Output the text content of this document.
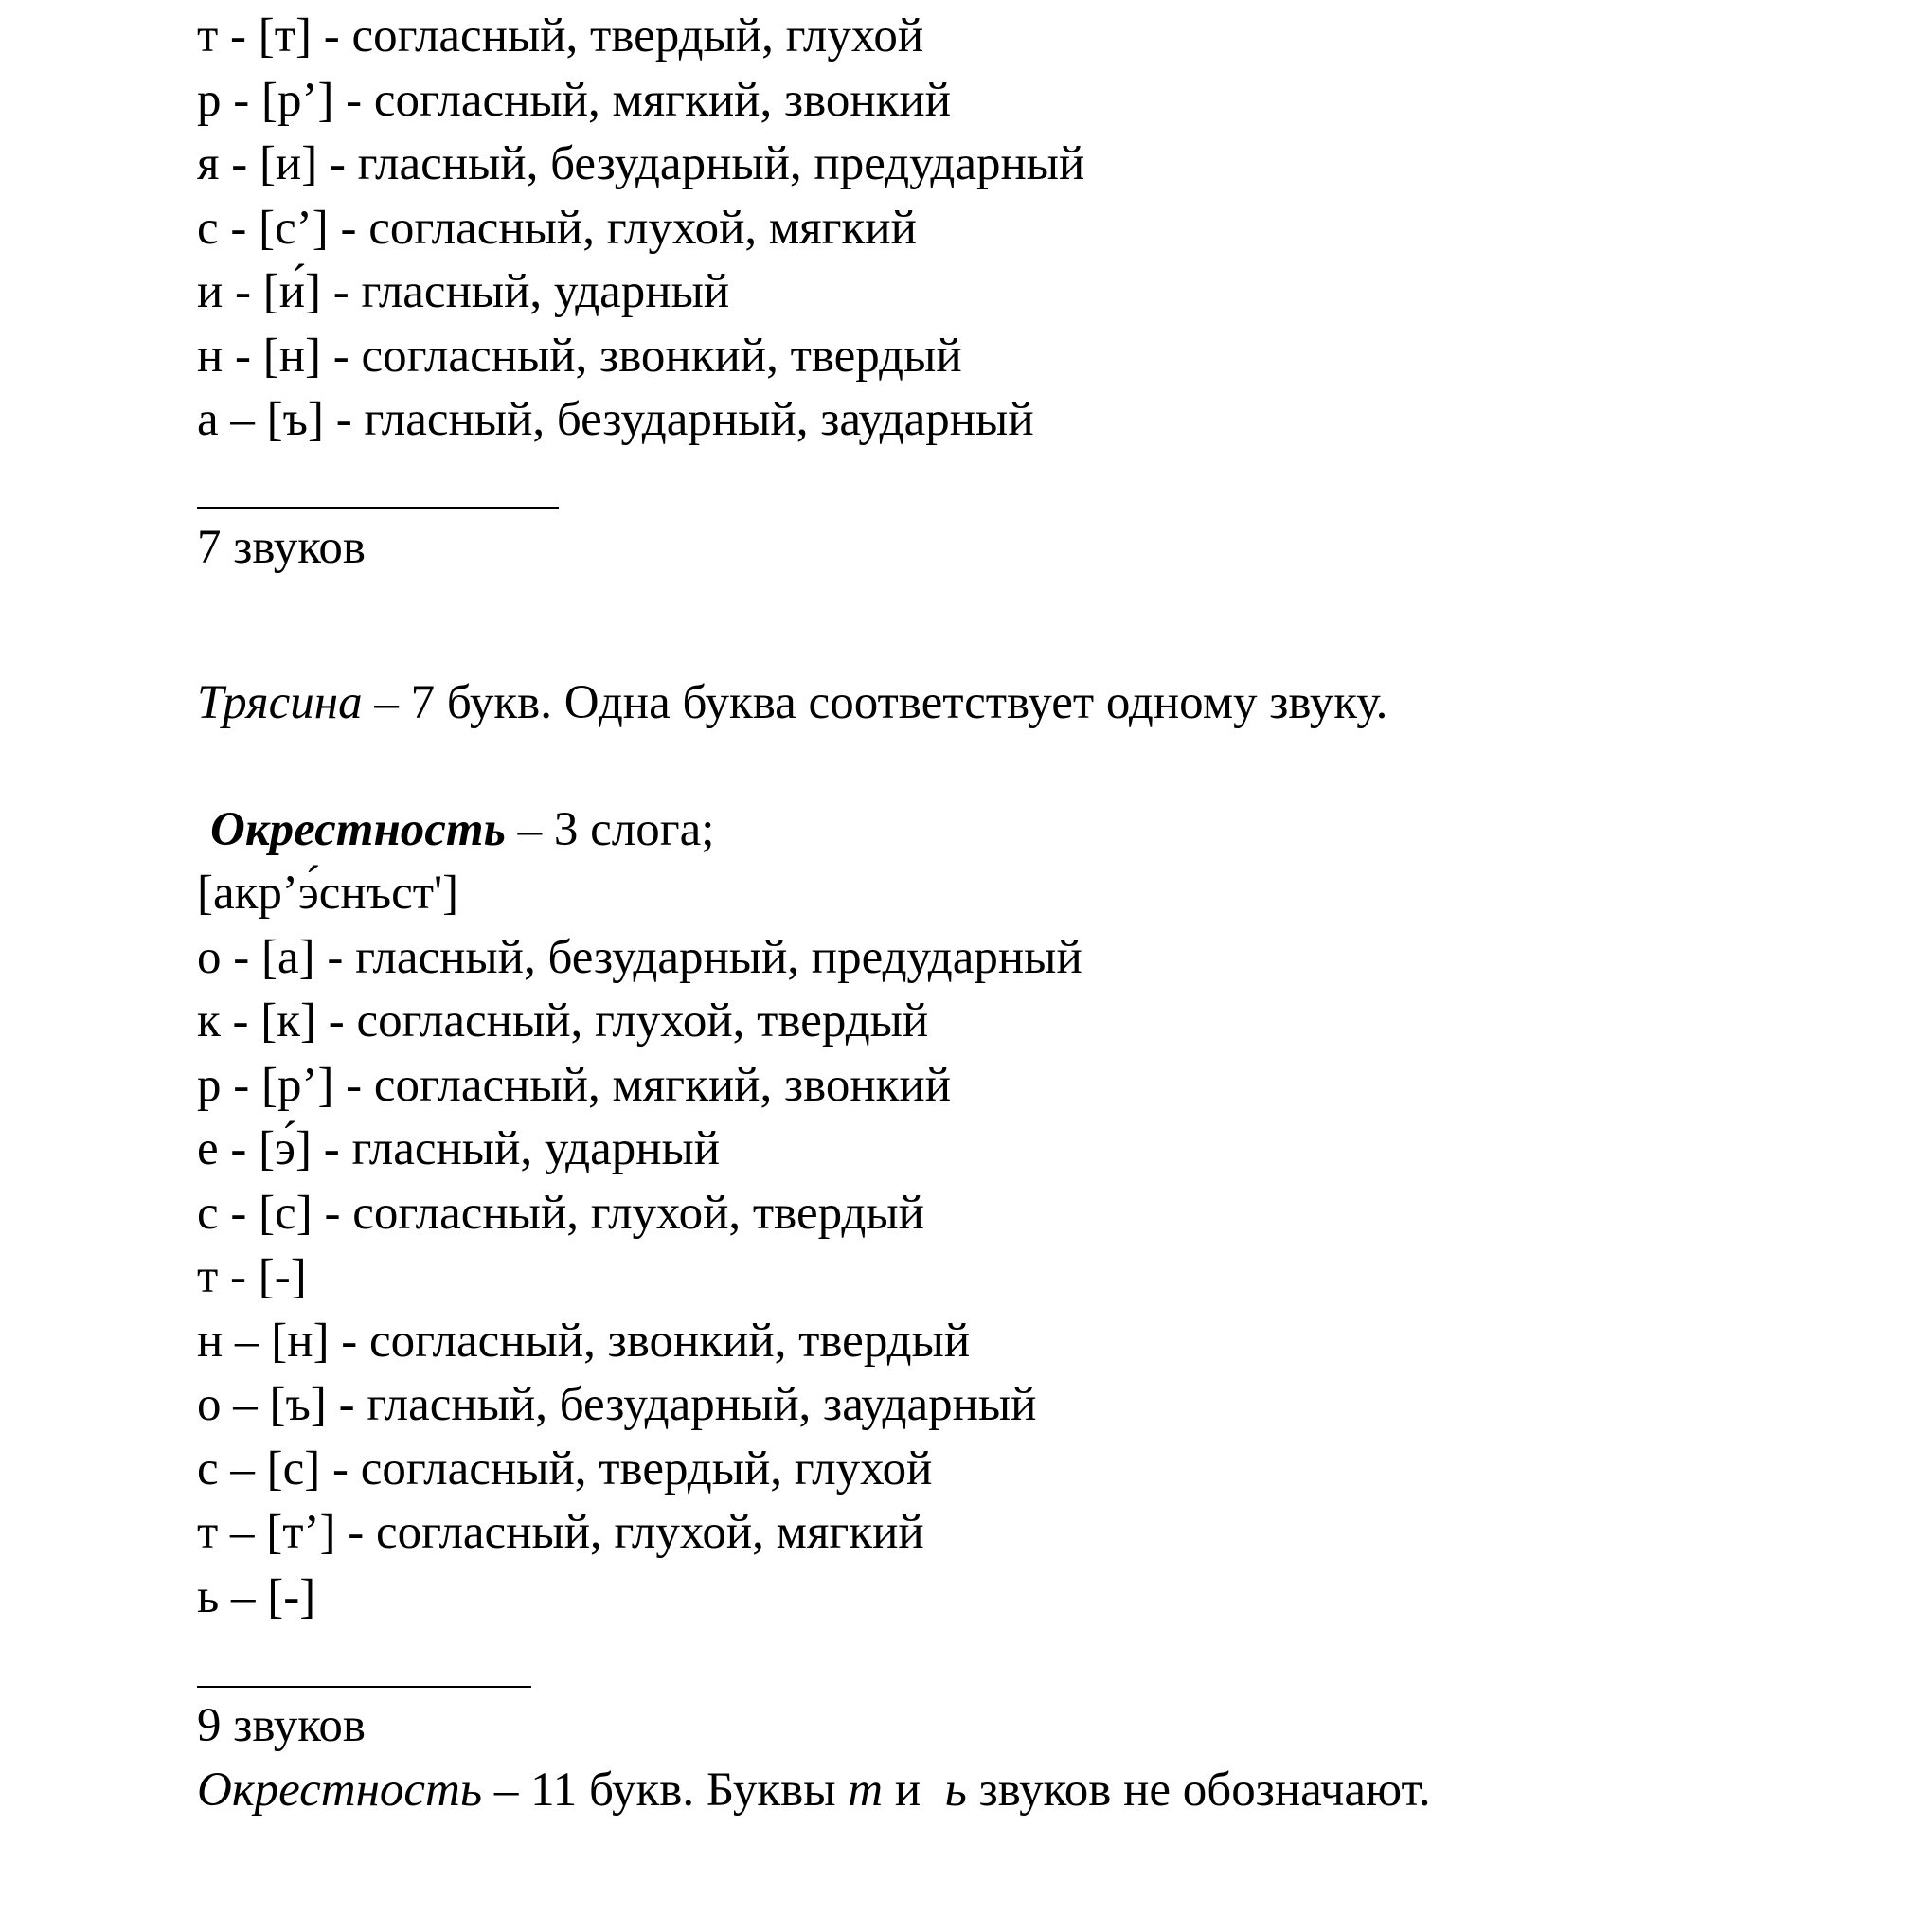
т - [т] - согласный, твердый, глухой
р - [р’] - согласный, мягкий, звонкий
я - [и] - гласный, безударный, предударный
с - [с’] - согласный, глухой, мягкий
и - [и́] - гласный, ударный
н - [н] - согласный, звонкий, твердый
а – [ъ] - гласный, безударный, заударный
7 звуков
Трясина – 7 букв. Одна буква соответствует одному звуку.
Окрестность – 3 слога;
[акр’э́снъст']
о - [а] - гласный, безударный, предударный
к - [к] - согласный, глухой, твердый
р - [р’] - согласный, мягкий, звонкий
е - [э́] - гласный, ударный
с - [с] - согласный, глухой, твердый
т - [-]
н – [н] - согласный, звонкий, твердый
о – [ъ] - гласный, безударный, заударный
с – [с] - согласный, твердый, глухой
т – [т’] - согласный, глухой, мягкий
ь – [-]
9 звуков
Окрестность – 11 букв. Буквы т и  ь звуков не обозначают.
